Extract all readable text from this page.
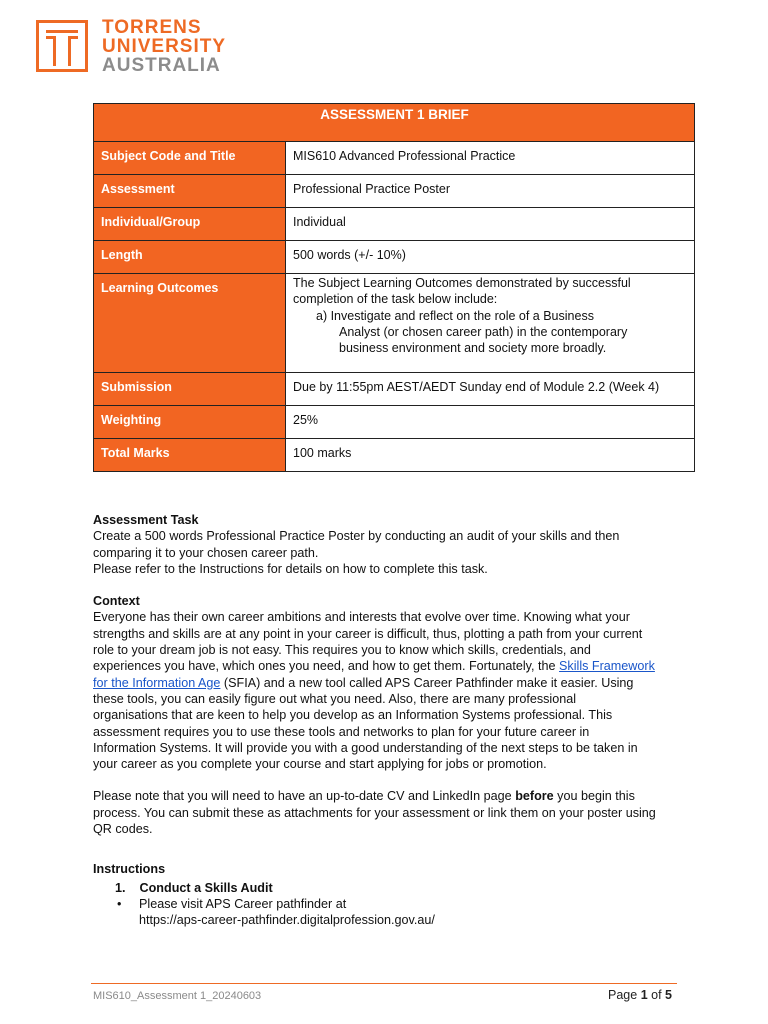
TORRENS
UNIVERSITY
AUSTRALIA
ASSESSMENT 1 BRIEF	
Subject Code and Title	MIS610 Advanced Professional Practice
Assessment	Professional Practice Poster
Individual/Group	Individual
Length	500 words (+/- 10%)
Learning Outcomes	The Subject Learning Outcomes demonstrated by successful
completion of the task below include:
a) Investigate and reflect on the role of a Business
Analyst (or chosen career path) in the contemporary
business environment and society more broadly.

Submission	Due by 11:55pm AEST/AEDT Sunday end of Module 2.2 (Week 4)
Weighting	25%
Total Marks	100 marks
Assessment Task

Create a 500 words Professional Practice Poster by conducting an audit of your skills and then

comparing it to your chosen career path.

Please refer to the Instructions for details on how to complete this task.

Context

Everyone has their own career ambitions and interests that evolve over time. Knowing what your

strengths and skills are at any point in your career is difficult, thus, plotting a path from your current

role to your dream job is not easy. This requires you to know which skills, credentials, and

experiences you have, which ones you need, and how to get them. Fortunately, the Skills Framework

for the Information Age (SFIA) and a new tool called APS Career Pathfinder make it easier. Using

these tools, you can easily figure out what you need. Also, there are many professional

organisations that are keen to help you develop as an Information Systems professional. This

assessment requires you to use these tools and networks to plan for your future career in

Information Systems. It will provide you with a good understanding of the next steps to be taken in

your career as you complete your course and start applying for jobs or promotion.

Please note that you will need to have an up-to-date CV and LinkedIn page before you begin this

process. You can submit these as attachments for your assessment or link them on your poster using

QR codes.

Instructions
1. Conduct a Skills Audit
•	Please visit APS Career pathfinder at
https://aps-career-pathfinder.digitalprofession.gov.au/
MIS610_Assessment 1_20240603	Page 1 of 5
